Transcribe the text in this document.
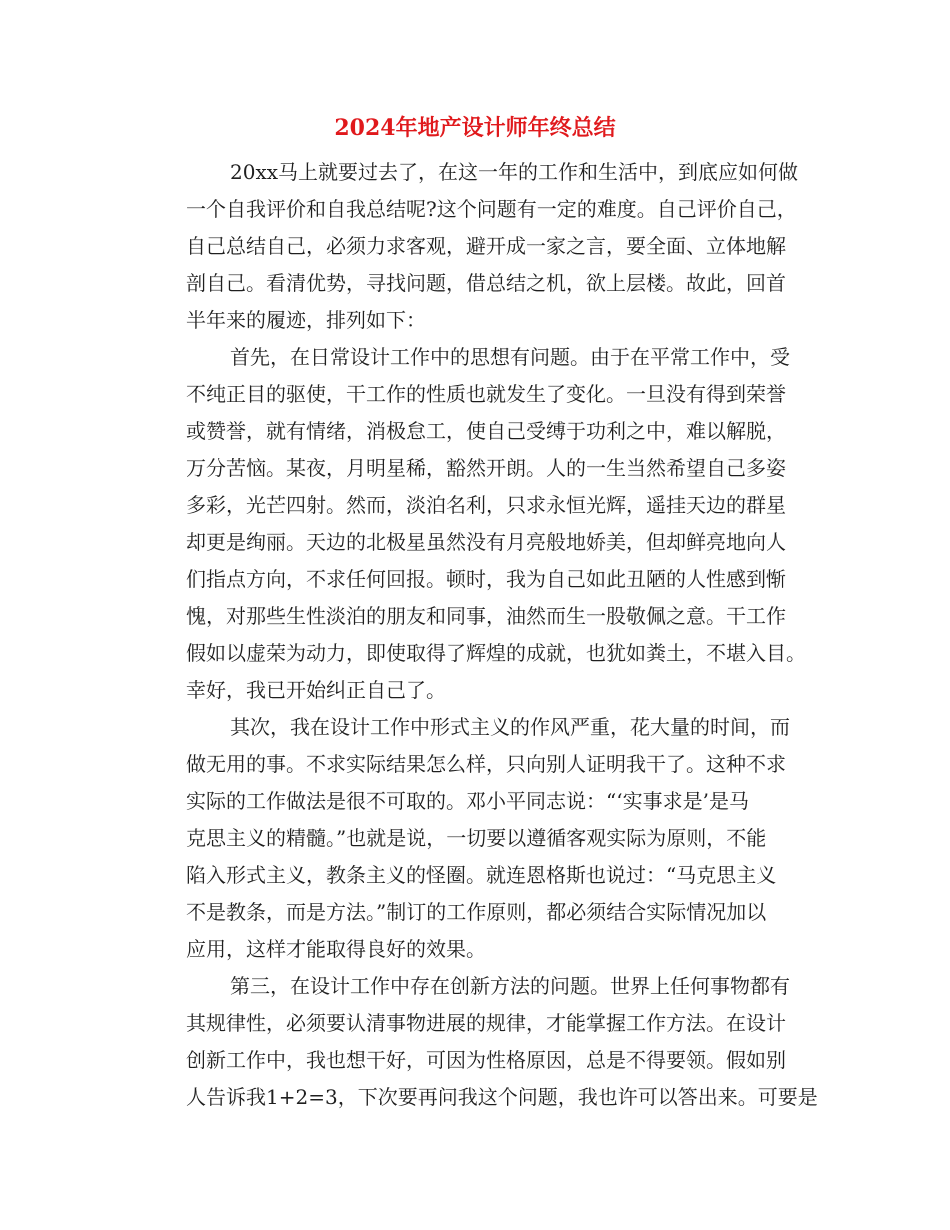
2024年地产设计师年终总结
20xx马上就要过去了，在这一年的工作和生活中，到底应如何做
一个自我评价和自我总结呢?这个问题有一定的难度。自己评价自己，
自己总结自己，必须力求客观，避开成一家之言，要全面、立体地解
剖自己。看清优势，寻找问题，借总结之机，欲上层楼。故此，回首
半年来的履迹，排列如下：
首先，在日常设计工作中的思想有问题。由于在平常工作中，受
不纯正目的驱使，干工作的性质也就发生了变化。一旦没有得到荣誉
或赞誉，就有情绪，消极怠工，使自己受缚于功利之中，难以解脱，
万分苦恼。某夜，月明星稀，豁然开朗。人的一生当然希望自己多姿
多彩，光芒四射。然而，淡泊名利，只求永恒光辉，遥挂天边的群星
却更是绚丽。天边的北极星虽然没有月亮般地娇美，但却鲜亮地向人
们指点方向，不求任何回报。顿时，我为自己如此丑陋的人性感到惭
愧，对那些生性淡泊的朋友和同事，油然而生一股敬佩之意。干工作
假如以虚荣为动力，即使取得了辉煌的成就，也犹如粪土，不堪入目。
幸好，我已开始纠正自己了。
其次，我在设计工作中形式主义的作风严重，花大量的时间，而
做无用的事。不求实际结果怎么样，只向别人证明我干了。这种不求
实际的工作做法是很不可取的。邓小平同志说：“‘实事求是’是马
克思主义的精髓。”也就是说，一切要以遵循客观实际为原则，不能
陷入形式主义，教条主义的怪圈。就连恩格斯也说过：“马克思主义
不是教条，而是方法。”制订的工作原则，都必须结合实际情况加以
应用，这样才能取得良好的效果。
第三，在设计工作中存在创新方法的问题。世界上任何事物都有
其规律性，必须要认清事物进展的规律，才能掌握工作方法。在设计
创新工作中，我也想干好，可因为性格原因，总是不得要领。假如别
人告诉我1+2=3，下次要再问我这个问题，我也许可以答出来。可要是
